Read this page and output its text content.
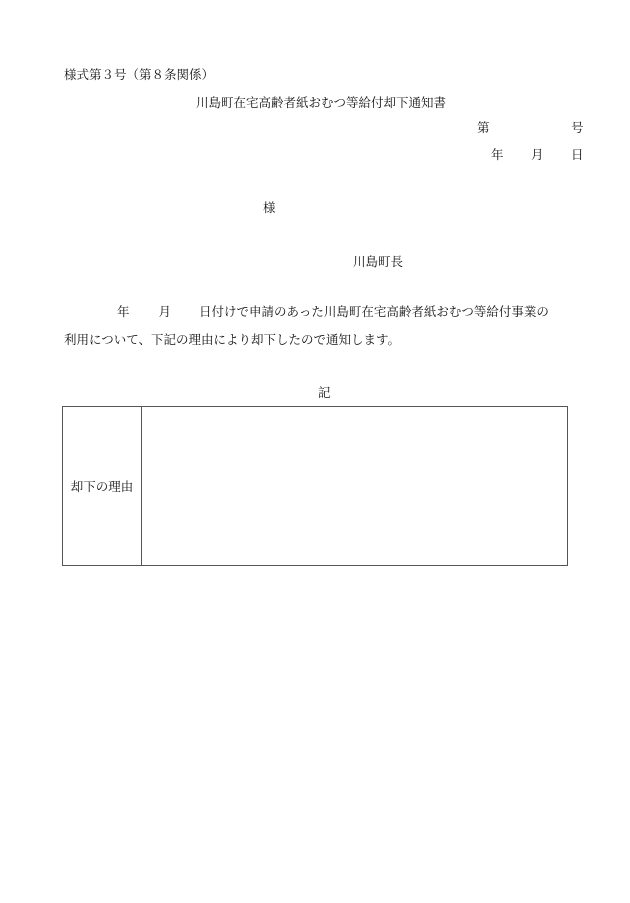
様式第３号（第８条関係）
川島町在宅高齢者紙おむつ等給付却下通知書
第	号
年 月 日
様
川島町長
年 月 日付けで申請のあった川島町在宅高齢者紙おむつ等給付事業の
利用について、下記の理由により却下したので通知します。
記
却下の理由
